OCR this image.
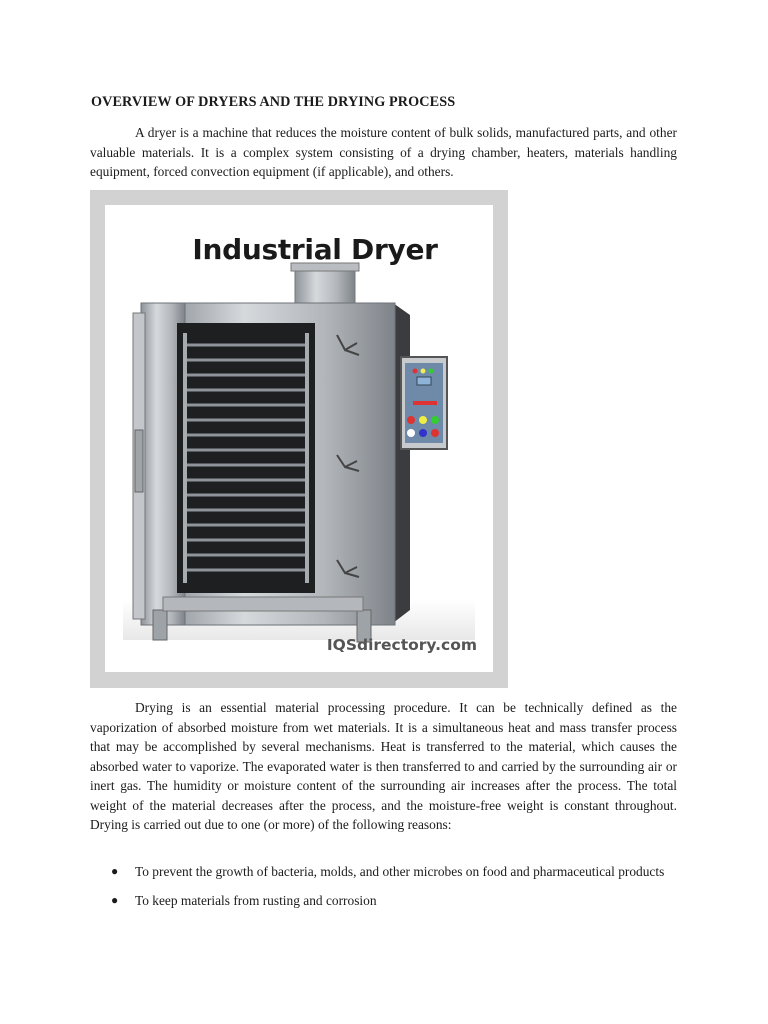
OVERVIEW OF DRYERS AND THE DRYING PROCESS

A dryer is a machine that reduces the moisture content of bulk solids, manufactured parts, and other valuable materials. It is a complex system consisting of a drying chamber, heaters, materials handling equipment, forced convection equipment (if applicable), and others.

Industrial Dryer
IQSdirectory.com

Drying is an essential material processing procedure. It can be technically defined as the vaporization of absorbed moisture from wet materials. It is a simultaneous heat and mass transfer process that may be accomplished by several mechanisms. Heat is transferred to the material, which causes the absorbed water to vaporize. The evaporated water is then transferred to and carried by the surrounding air or inert gas. The humidity or moisture content of the surrounding air increases after the process. The total weight of the material decreases after the process, and the moisture-free weight is constant throughout. Drying is carried out due to one (or more) of the following reasons:

● To prevent the growth of bacteria, molds, and other microbes on food and pharmaceutical products
● To keep materials from rusting and corrosion
